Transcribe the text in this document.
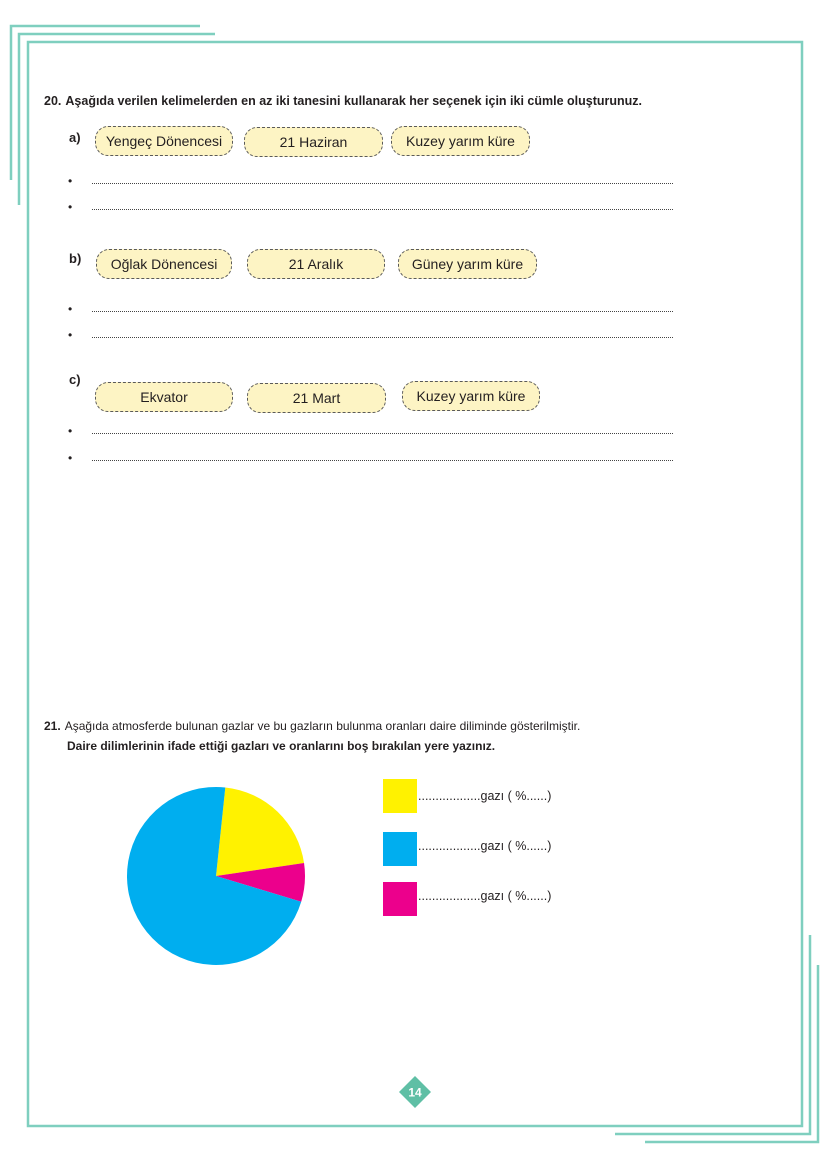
20. Aşağıda verilen kelimelerden en az iki tanesini kullanarak her seçenek için iki cümle oluşturunuz.
a)	Yengeç Dönencesi	21 Haziran	Kuzey yarım küre
•
•
b)	Oğlak Dönencesi	21 Aralık	Güney yarım küre
•
•
c)
Ekvator	21 Mart	Kuzey yarım küre
•
•
21. Aşağıda atmosferde bulunan gazlar ve bu gazların bulunma oranları daire diliminde gösterilmiştir.
Daire dilimlerinin ifade ettiği gazları ve oranlarını boş bırakılan yere yazınız.
..................gazı ( %......)
..................gazı ( %......)
..................gazı ( %......)
14
